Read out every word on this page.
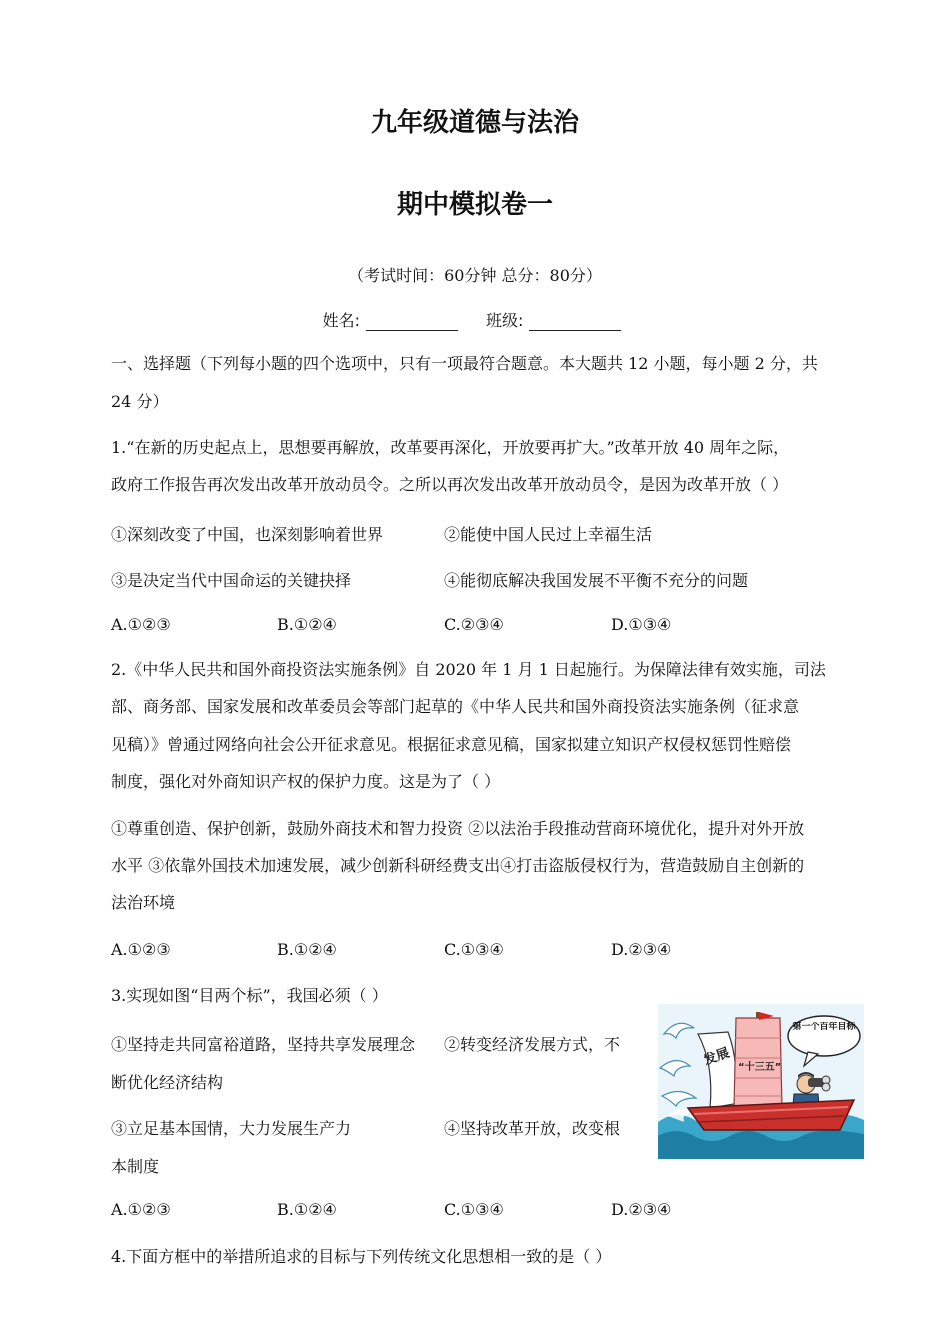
九年级道德与法治
期中模拟卷一
（考试时间：60分钟 总分：80分）
姓名:	班级:
一、选择题（下列每小题的四个选项中，只有一项最符合题意。本大题共 12 小题，每小题 2 分，共
24 分）
1.“在新的历史起点上，思想要再解放，改革要再深化，开放要再扩大。”改革开放 40 周年之际，
政府工作报告再次发出改革开放动员令。之所以再次发出改革开放动员令，是因为改革开放（ ）
①深刻改变了中国，也深刻影响着世界	②能使中国人民过上幸福生活
③是决定当代中国命运的关键抉择	④能彻底解决我国发展不平衡不充分的问题
A.①②③	B.①②④	C.②③④	D.①③④
2.《中华人民共和国外商投资法实施条例》自 2020 年 1 月 1 日起施行。为保障法律有效实施，司法
部、商务部、国家发展和改革委员会等部门起草的《中华人民共和国外商投资法实施条例（征求意
见稿）》曾通过网络向社会公开征求意见。根据征求意见稿，国家拟建立知识产权侵权惩罚性赔偿
制度，强化对外商知识产权的保护力度。这是为了（ ）
①尊重创造、保护创新，鼓励外商技术和智力投资 ②以法治手段推动营商环境优化，提升对外开放
水平 ③依靠外国技术加速发展，减少创新科研经费支出④打击盗版侵权行为，营造鼓励自主创新的
法治环境
A.①②③	B.①②④	C.①③④	D.②③④
3.实现如图“目两个标”，我国必须（ ）
①坚持走共同富裕道路，坚持共享发展理念 ②转变经济发展方式，不
断优化经济结构
③立足基本国情，大力发展生产力	④坚持改革开放，改变根
本制度
A.①②③	B.①②④	C.①③④	D.②③④
发展 “十三五”
第一个百年目标
4.下面方框中的举措所追求的目标与下列传统文化思想相一致的是（ ）
